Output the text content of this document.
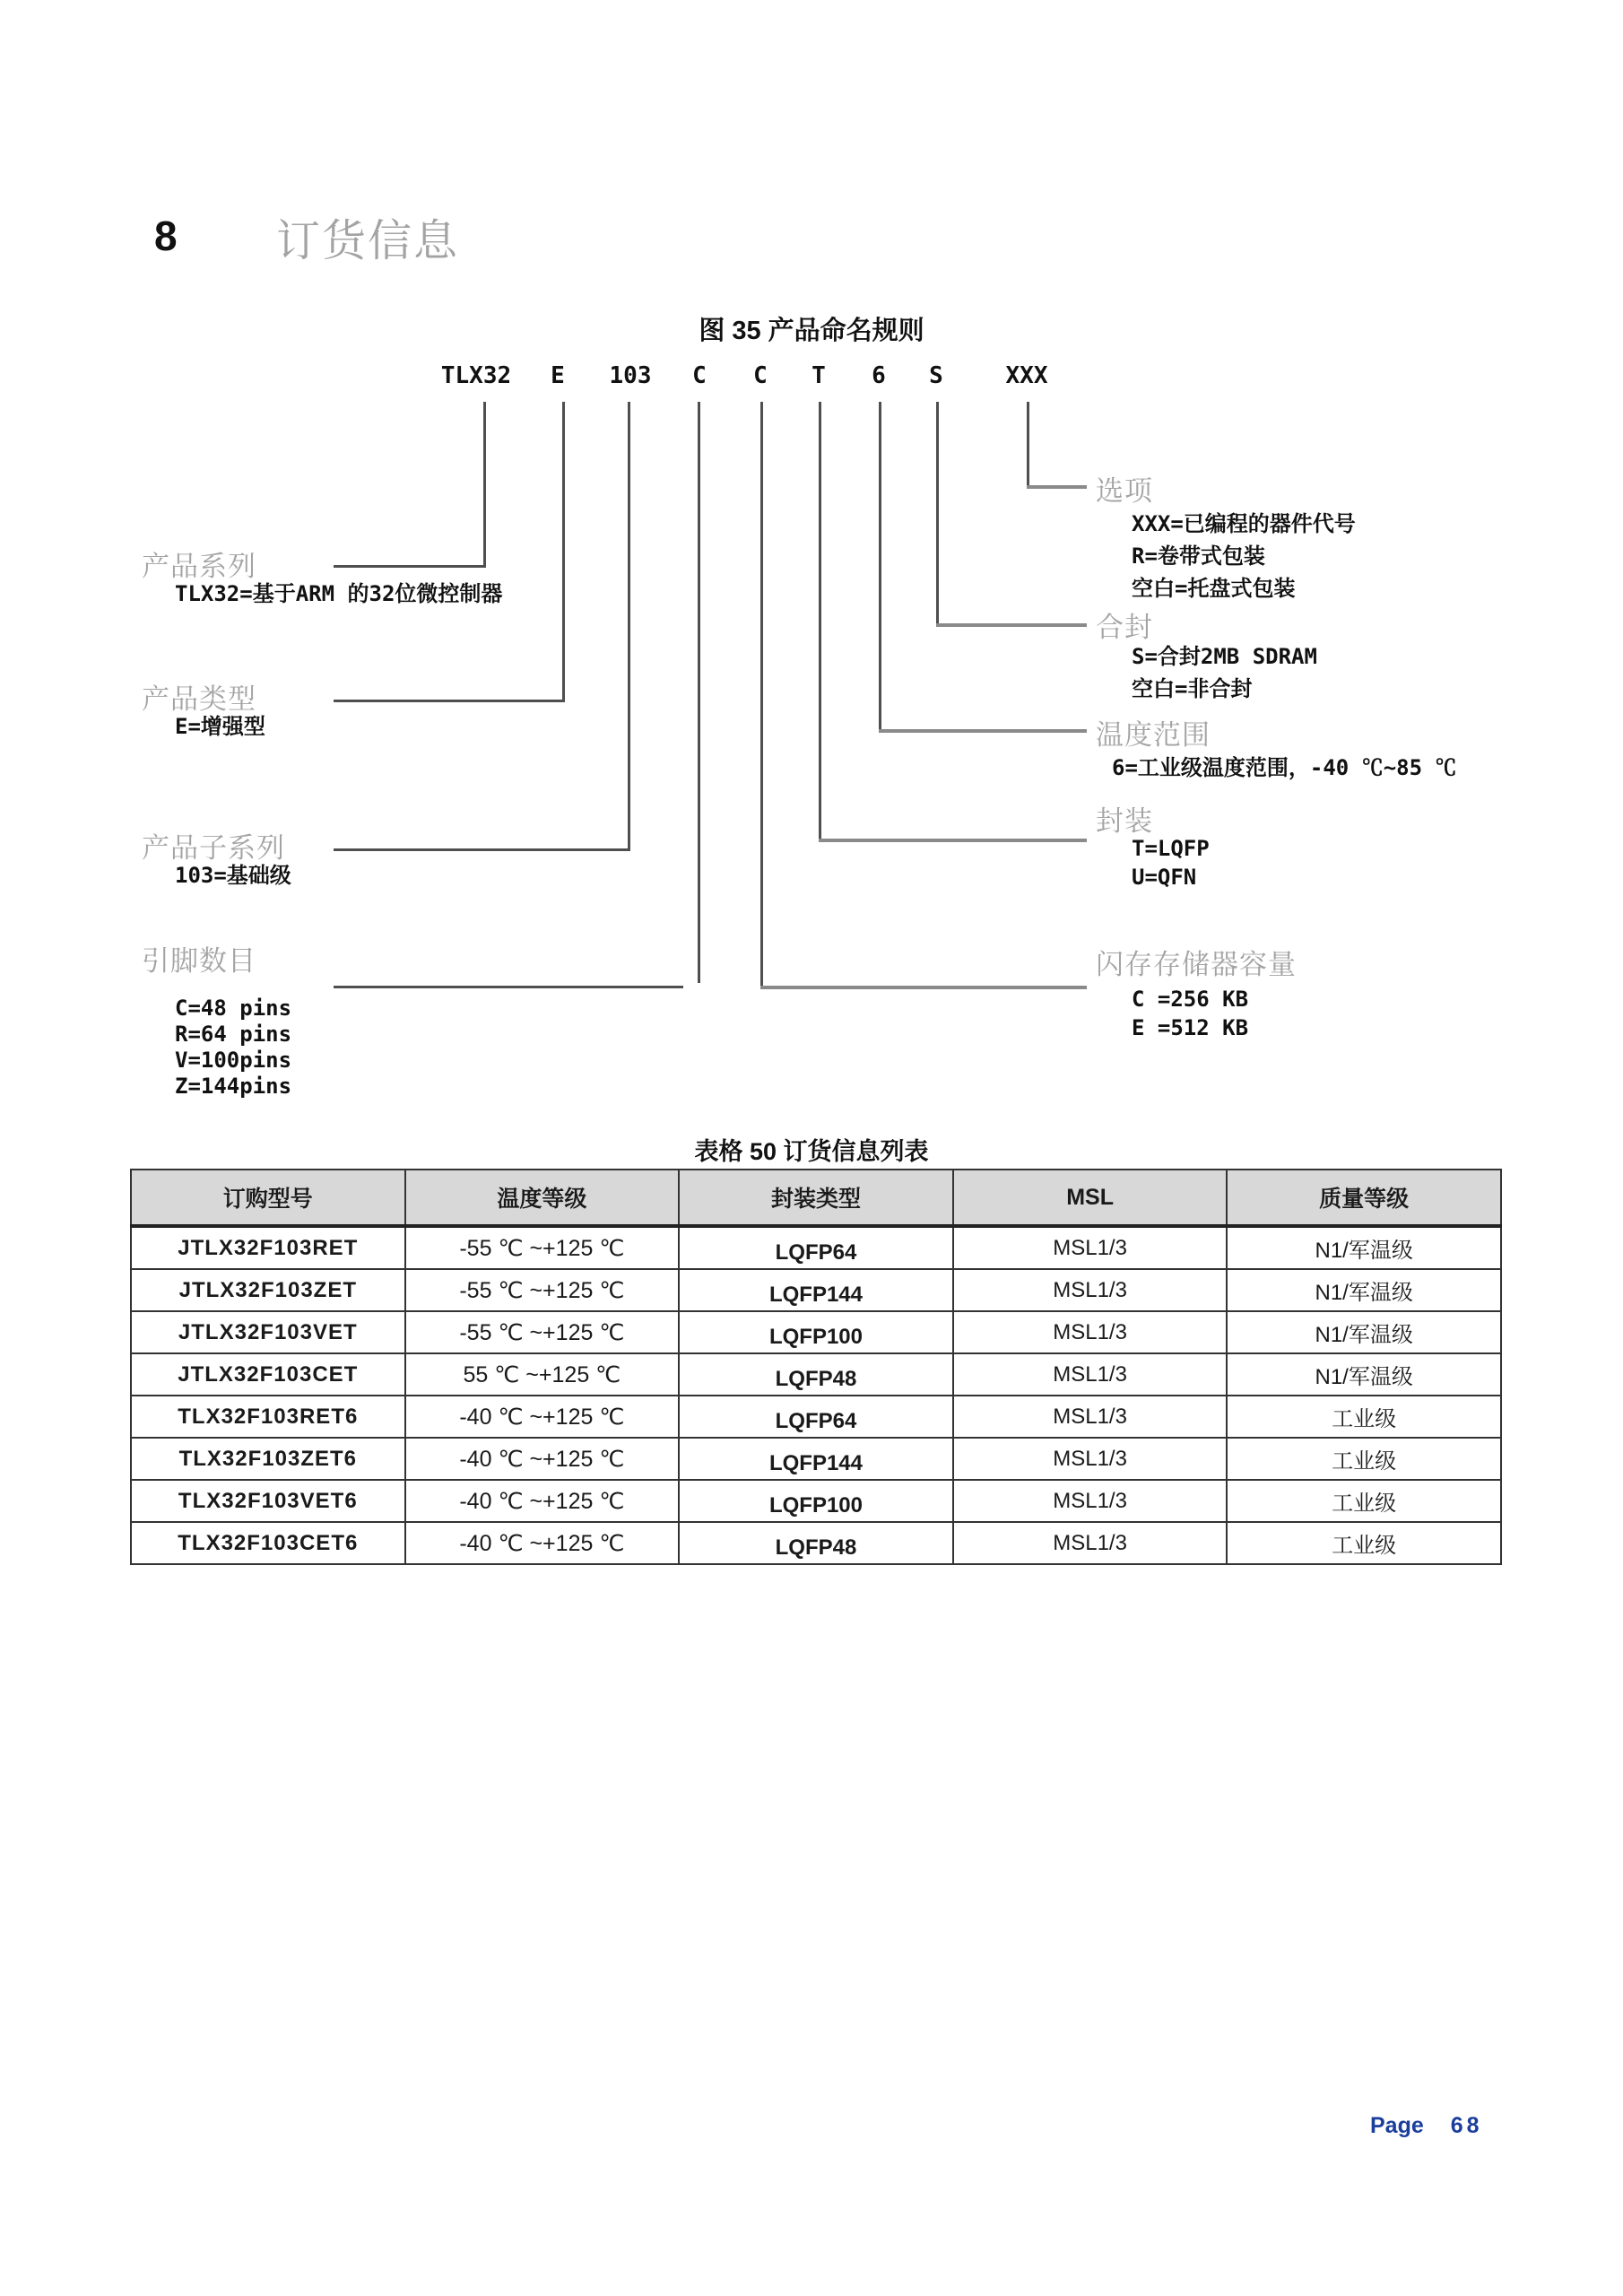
8 订货信息
图 35 产品命名规则
TLX32 E 103 C C T 6 S	XXX
产品系列
TLX32=基于ARM 的32位微控制器
产品类型
E=增强型
产品子系列
103=基础级
引脚数目
C=48 pins
R=64 pins
V=100pins
Z=144pins
选项
XXX=已编程的器件代号
R=卷带式包装
空白=托盘式包装
合封
S=合封2MB SDRAM
空白=非合封
温度范围
6=工业级温度范围，-40 ℃~85 ℃
封装
T=LQFP
U=QFN
闪存存储器容量
C =256 KB
E =512 KB
表格 50 订货信息列表
订购型号	温度等级	封装类型	MSL	质量等级
JTLX32F103RET	-55 ℃ ~+125 ℃	LQFP64	MSL1/3	N1/军温级
JTLX32F103ZET	-55 ℃ ~+125 ℃	LQFP144	MSL1/3	N1/军温级
JTLX32F103VET	-55 ℃ ~+125 ℃	LQFP100	MSL1/3	N1/军温级
JTLX32F103CET	55 ℃ ~+125 ℃	LQFP48	MSL1/3	N1/军温级
TLX32F103RET6	-40 ℃ ~+125 ℃	LQFP64	MSL1/3	工业级
TLX32F103ZET6	-40 ℃ ~+125 ℃	LQFP144	MSL1/3	工业级
TLX32F103VET6	-40 ℃ ~+125 ℃	LQFP100	MSL1/3	工业级
TLX32F103CET6	-40 ℃ ~+125 ℃	LQFP48	MSL1/3	工业级
Page 68
